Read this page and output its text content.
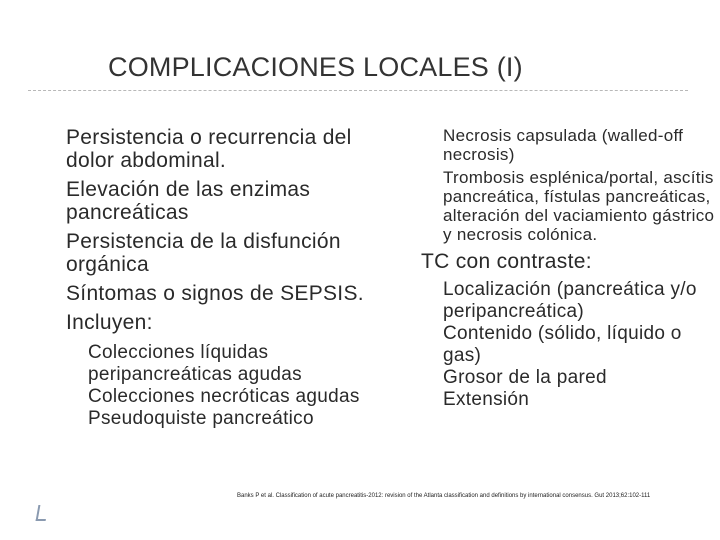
COMPLICACIONES LOCALES (I)
Persistencia o recurrencia del dolor abdominal.
Elevación de las enzimas pancreáticas
Persistencia de la disfunción orgánica
Síntomas o signos de SEPSIS.
Incluyen:
Colecciones líquidas peripancreáticas agudas
Colecciones necróticas agudas
Pseudoquiste pancreático
Necrosis capsulada (walled-off necrosis)
Trombosis esplénica/portal, ascítis pancreática, fístulas pancreáticas, alteración del vaciamiento gástrico y necrosis colónica.
TC con contraste:
Localización (pancreática y/o peripancreática)
Contenido (sólido, líquido o gas)
Grosor de la pared
Extensión
Banks P et al. Classification of acute pancreatitis-2012: revision of the Atlanta classification and definitions by international consensus. Gut 2013;62:102-111
